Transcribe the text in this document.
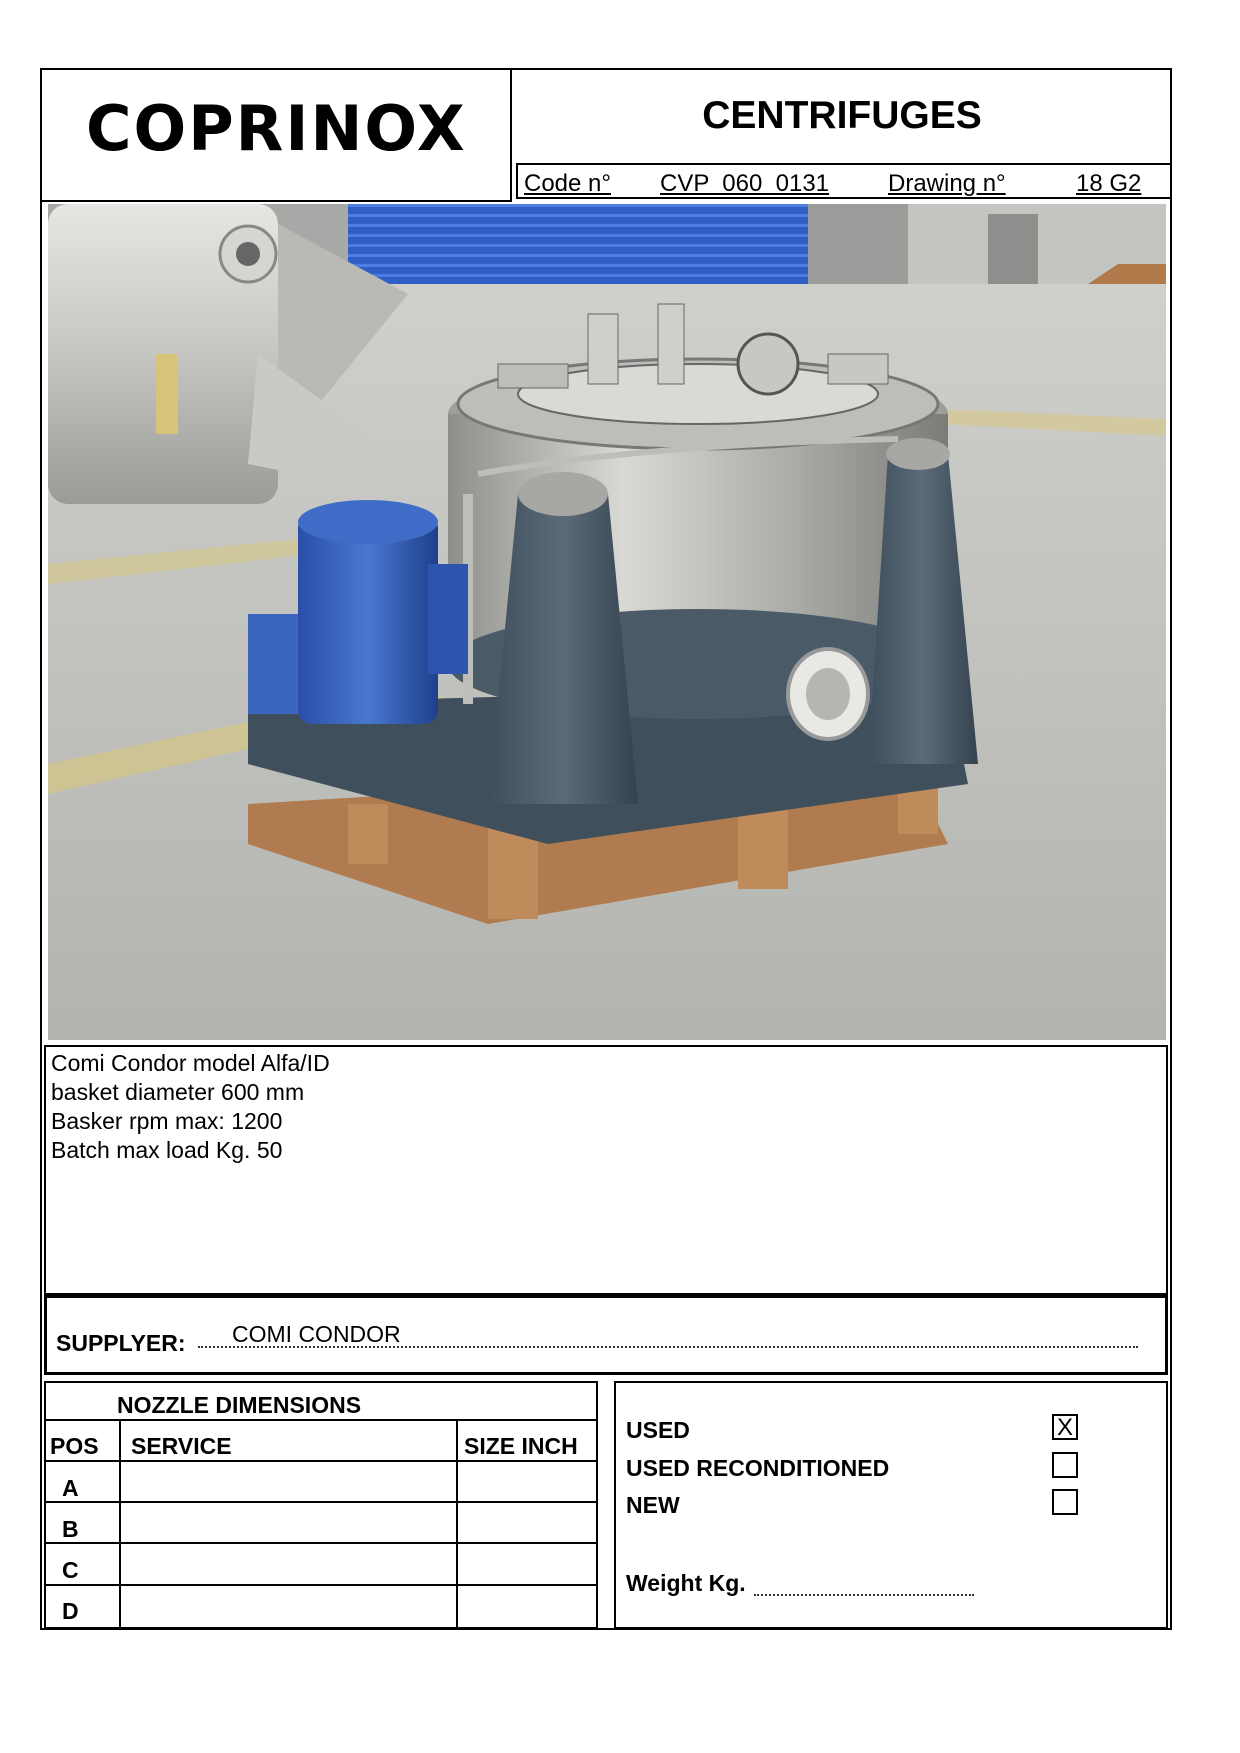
COPRINOX	CENTRIFUGES
Code n° CVP  060  0131 Drawing n°	18 G2
Comi Condor model Alfa/ID
basket diameter 600 mm
Basker rpm max: 1200
Batch max load Kg. 50
SUPPLYER: COMI CONDOR
NOZZLE DIMENSIONS
POS	SERVICE	SIZE INCH
A
B
C
D
USED	X
USED RECONDITIONED
NEW
Weight Kg.
